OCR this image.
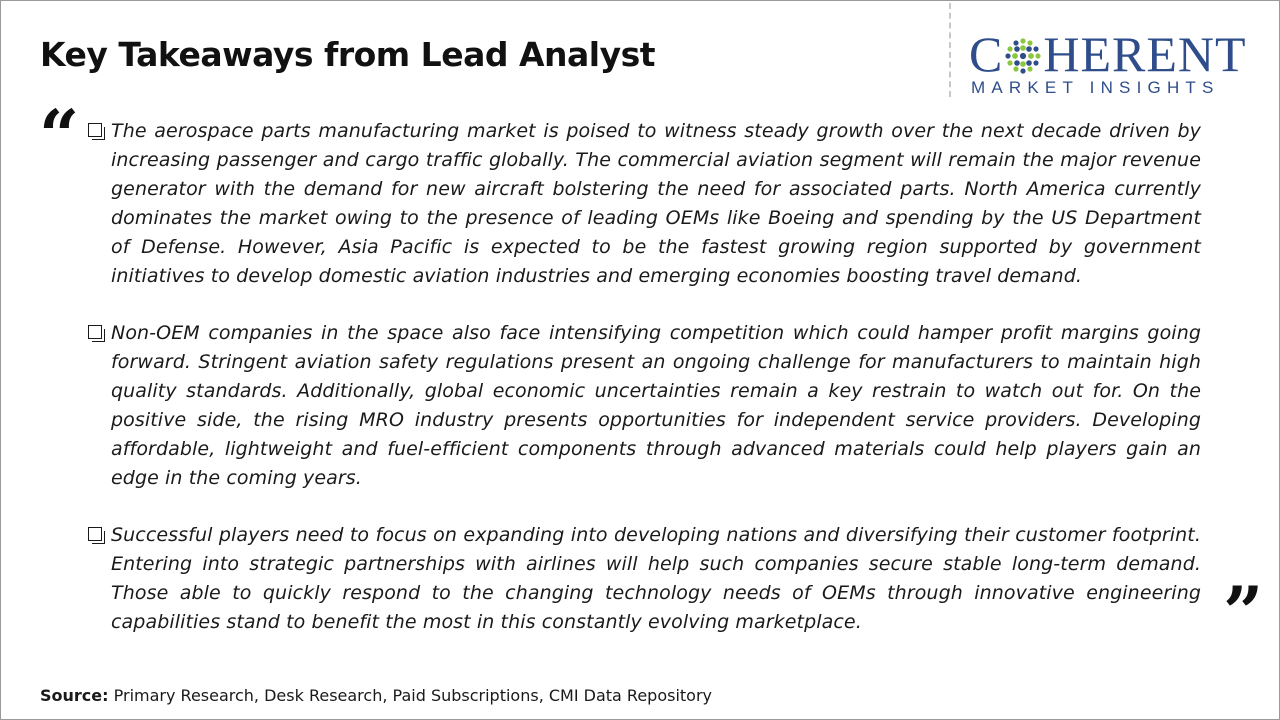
Key Takeaways from Lead Analyst	C HERENT
MARKET INSIGHTS
“ The aerospace parts manufacturing market is poised to witness steady growth over the next decade driven by increasing passenger and cargo traffic globally. The commercial aviation segment will remain the major revenue generator with the demand for new aircraft bolstering the need for associated parts. North America currently dominates the market owing to the presence of leading OEMs like Boeing and spending by the US Department of Defense. However, Asia Pacific is expected to be the fastest growing region supported by government initiatives to develop domestic aviation industries and emerging economies boosting travel demand.

Non-OEM companies in the space also face intensifying competition which could hamper profit margins going forward. Stringent aviation safety regulations present an ongoing challenge for manufacturers to maintain high quality standards. Additionally, global economic uncertainties remain a key restrain to watch out for. On the positive side, the rising MRO industry presents opportunities for independent service providers. Developing affordable, lightweight and fuel-efficient components through advanced materials could help players gain an edge in the coming years.

Successful players need to focus on expanding into developing nations and diversifying their customer footprint. Entering into strategic partnerships with airlines will help such companies secure stable long-term demand. Those able to quickly respond to the changing technology needs of OEMs through innovative engineering capabilities stand to benefit the most in this constantly evolving marketplace.	”
Source: Primary Research, Desk Research, Paid Subscriptions, CMI Data Repository
